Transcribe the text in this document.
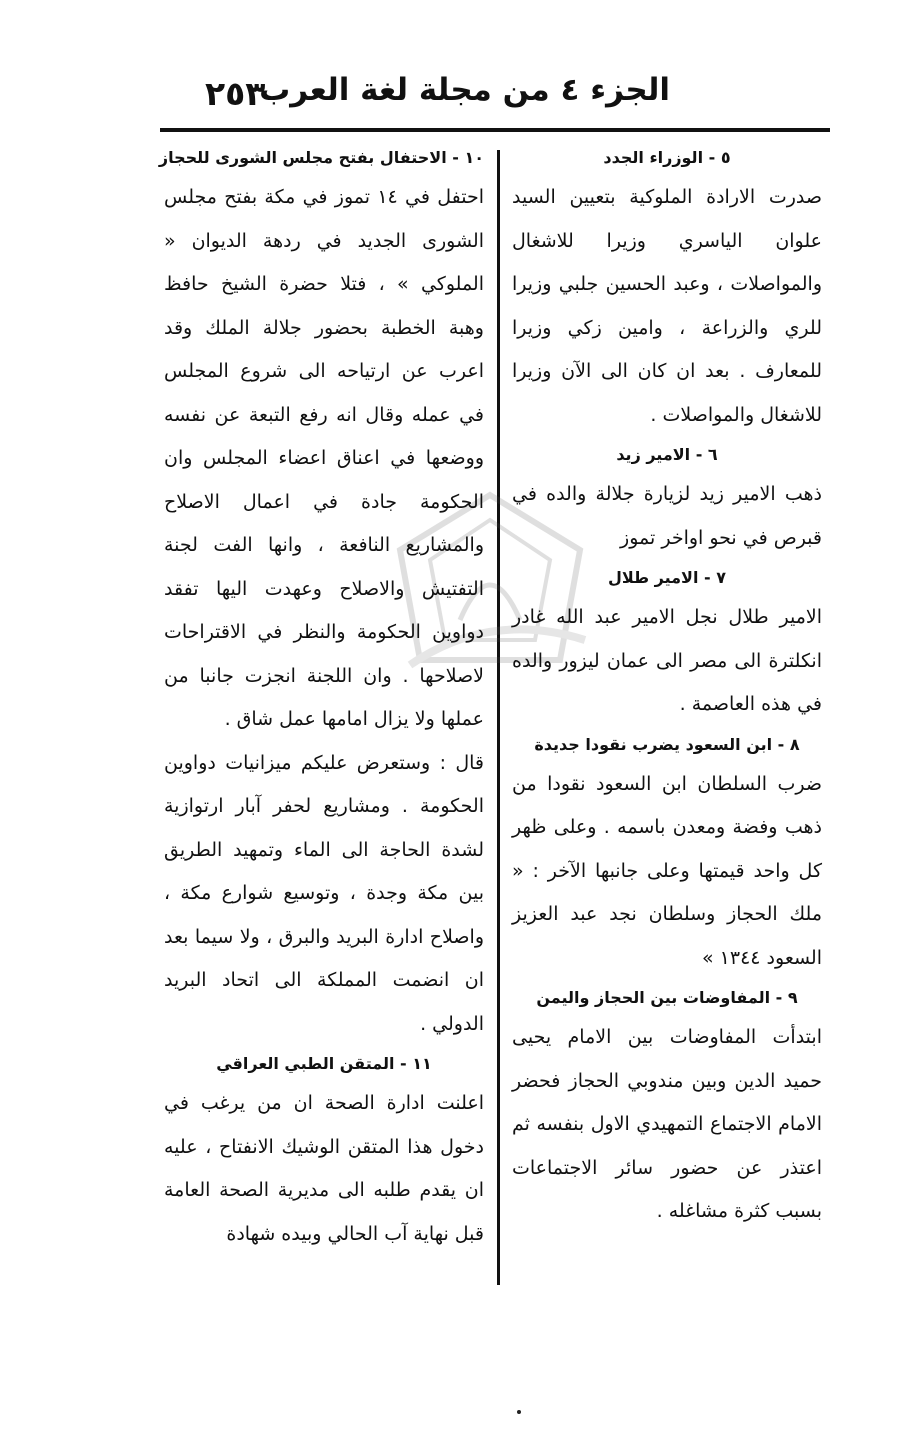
الجزء ٤ من مجلة لغة العرب
٢٥٣
٥ - الوزراء الجدد

صدرت الارادة الملوكية بتعيين السيد علوان الياسري وزيرا للاشغال والمواصلات ، وعبد الحسين جلبي وزيرا للري والزراعة ، وامين زكي وزيرا للمعارف . بعد ان كان الى الآن وزيرا للاشغال والمواصلات .

٦ - الامير زيد

ذهب الامير زيد لزيارة جلالة والده في قبرص في نحو اواخر تموز

٧ - الامير طلال

الامير طلال نجل الامير عبد الله غادر انكلترة الى مصر الى عمان ليزور والده في هذه العاصمة .

٨ - ابن السعود يضرب نقودا جديدة

ضرب السلطان ابن السعود نقودا من ذهب وفضة ومعدن باسمه . وعلى ظهر كل واحد قيمتها وعلى جانبها الآخر : « ملك الحجاز وسلطان نجد عبد العزيز السعود ١٣٤٤ »

٩ - المفاوضات بين الحجاز واليمن

ابتدأت المفاوضات بين الامام يحيى حميد الدين وبين مندوبي الحجاز فحضر الامام الاجتماع التمهيدي الاول بنفسه ثم اعتذر عن حضور سائر الاجتماعات بسبب كثرة مشاغله .

١٠ - الاحتفال بفتح مجلس الشورى للحجاز

احتفل في ١٤ تموز في مكة بفتح مجلس الشورى الجديد في ردهة الديوان « الملوكي » ، فتلا حضرة الشيخ حافظ وهبة الخطبة بحضور جلالة الملك وقد اعرب عن ارتياحه الى شروع المجلس في عمله وقال انه رفع التبعة عن نفسه ووضعها في اعناق اعضاء المجلس وان الحكومة جادة في اعمال الاصلاح والمشاريع النافعة ، وانها الفت لجنة التفتيش والاصلاح وعهدت اليها تفقد دواوين الحكومة والنظر في الاقتراحات لاصلاحها . وان اللجنة انجزت جانبا من عملها ولا يزال امامها عمل شاق .

قال : وستعرض عليكم ميزانيات دواوين الحكومة . ومشاريع لحفر آبار ارتوازية لشدة الحاجة الى الماء وتمهيد الطريق بين مكة وجدة ، وتوسيع شوارع مكة ، واصلاح ادارة البريد والبرق ، ولا سيما بعد ان انضمت المملكة الى اتحاد البريد الدولي .

١١ - المتقن الطبي العراقي

اعلنت ادارة الصحة ان من يرغب في دخول هذا المتقن الوشيك الانفتاح ، عليه ان يقدم طلبه الى مديرية الصحة العامة قبل نهاية آب الحالي وبيده شهادة
